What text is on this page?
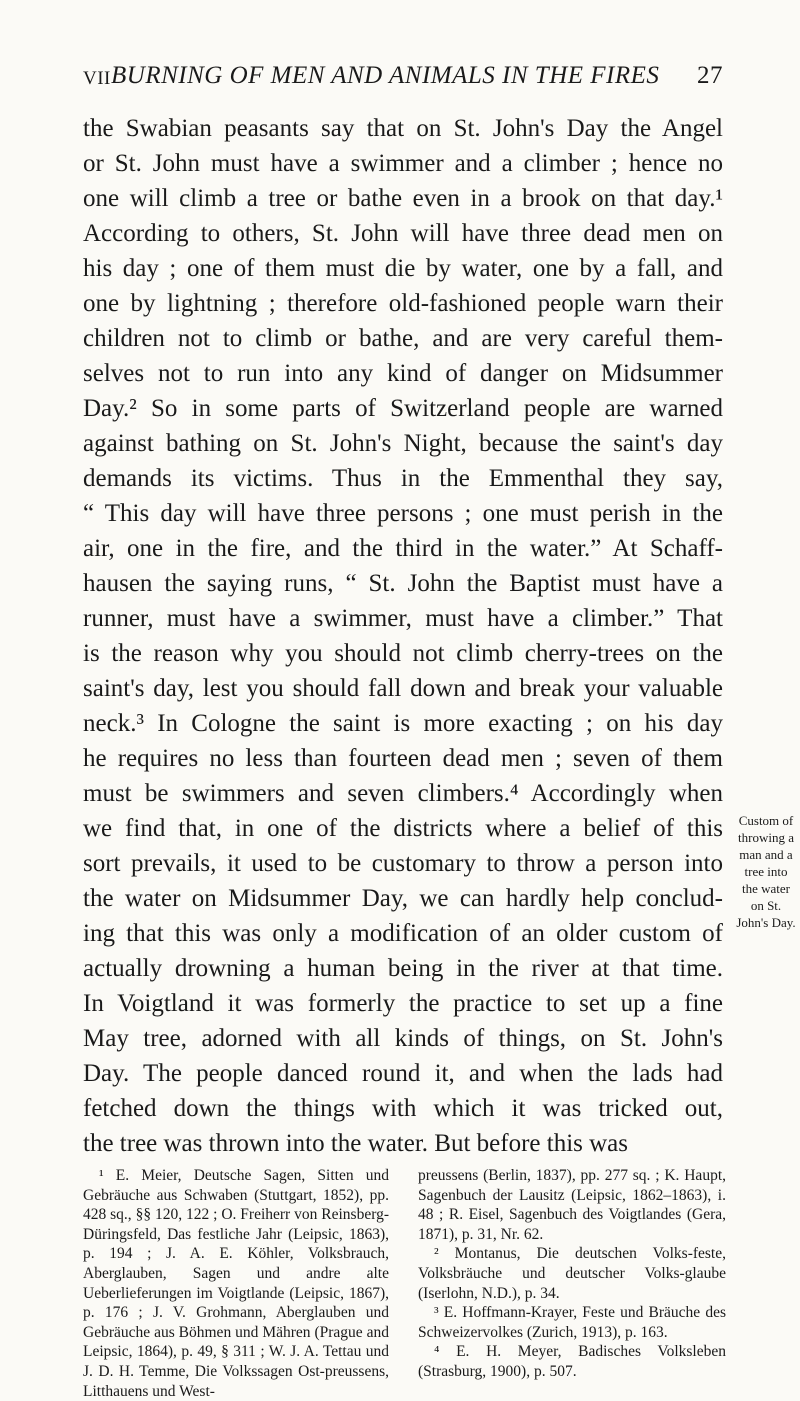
VII BURNING OF MEN AND ANIMALS IN THE FIRES 27
the Swabian peasants say that on St. John's Day the Angel
or St. John must have a swimmer and a climber ; hence no
one will climb a tree or bathe even in a brook on that day.¹
According to others, St. John will have three dead men on
his day ; one of them must die by water, one by a fall, and
one by lightning ; therefore old-fashioned people warn their
children not to climb or bathe, and are very careful them-
selves not to run into any kind of danger on Midsummer
Day.² So in some parts of Switzerland people are warned
against bathing on St. John's Night, because the saint's day
demands its victims. Thus in the Emmenthal they say,
“ This day will have three persons ; one must perish in the
air, one in the fire, and the third in the water.” At Schaff-
hausen the saying runs, “ St. John the Baptist must have a
runner, must have a swimmer, must have a climber.” That
is the reason why you should not climb cherry-trees on the
saint's day, lest you should fall down and break your valuable
neck.³ In Cologne the saint is more exacting ; on his day
he requires no less than fourteen dead men ; seven of them
must be swimmers and seven climbers.⁴ Accordingly when
we find that, in one of the districts where a belief of this
sort prevails, it used to be customary to throw a person into
the water on Midsummer Day, we can hardly help conclud-
ing that this was only a modification of an older custom of
actually drowning a human being in the river at that time.
In Voigtland it was formerly the practice to set up a fine
May tree, adorned with all kinds of things, on St. John's
Day. The people danced round it, and when the lads had
fetched down the things with which it was tricked out,
the tree was thrown into the water. But before this was
Custom of
throwing a
man and a
tree into
the water
on St.
John's Day.

¹ E. Meier, Deutsche Sagen, Sitten und Gebräuche aus Schwaben (Stuttgart, 1852), pp. 428 sq., §§ 120, 122 ; O. Freiherr von Reinsberg-Düringsfeld, Das festliche Jahr (Leipsic, 1863), p. 194 ; J. A. E. Köhler, Volksbrauch, Aberglauben, Sagen und andre alte Ueberlieferungen im Voigtlande (Leipsic, 1867), p. 176 ; J. V. Grohmann, Aberglauben und Gebräuche aus Böhmen und Mähren (Prague and Leipsic, 1864), p. 49, § 311 ; W. J. A. Tettau und J. D. H. Temme, Die Volkssagen Ost-preussens, Litthauens und West-

preussens (Berlin, 1837), pp. 277 sq. ; K. Haupt, Sagenbuch der Lausitz (Leipsic, 1862–1863), i. 48 ; R. Eisel, Sagenbuch des Voigtlandes (Gera, 1871), p. 31, Nr. 62.

² Montanus, Die deutschen Volks-feste, Volksbräuche und deutscher Volks-glaube (Iserlohn, N.D.), p. 34.

³ E. Hoffmann-Krayer, Feste und Bräuche des Schweizervolkes (Zurich, 1913), p. 163.

⁴ E. H. Meyer, Badisches Volksleben (Strasburg, 1900), p. 507.
